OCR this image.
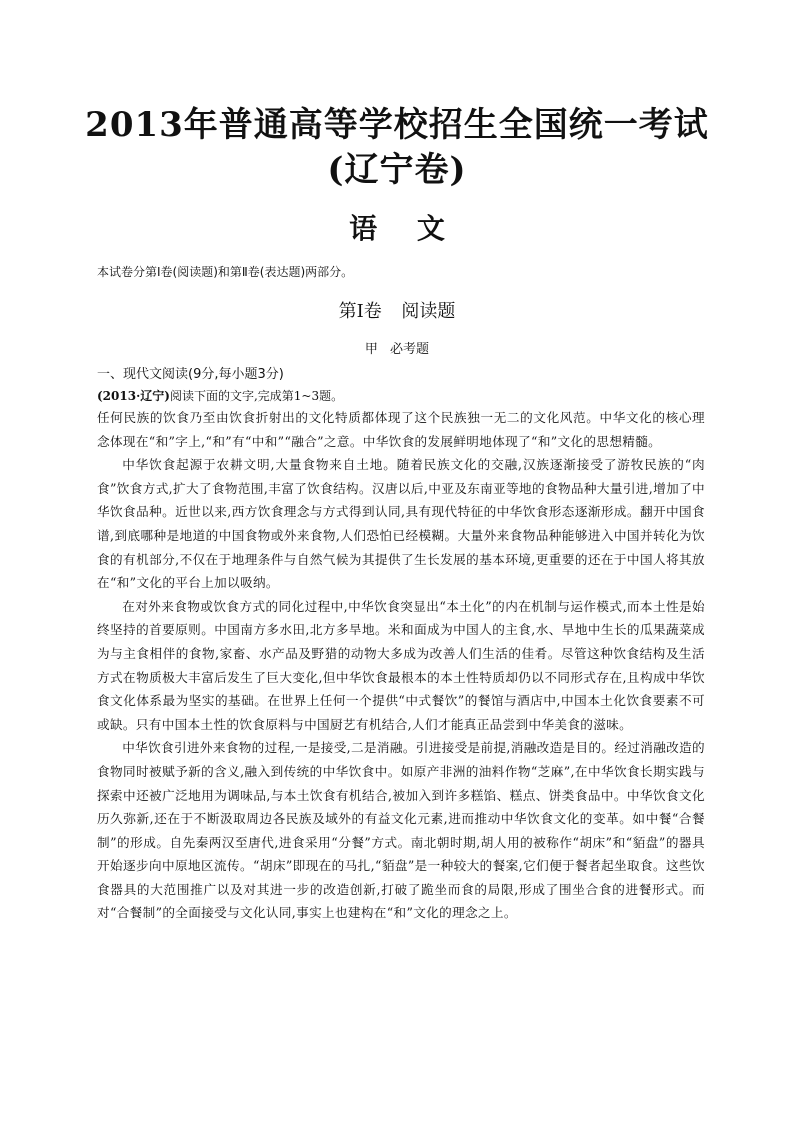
2013年普通高等学校招生全国统一考试
(辽宁卷)
语 文
本试卷分第Ⅰ卷(阅读题)和第Ⅱ卷(表达题)两部分。
第Ⅰ卷 阅读题
甲 必考题
一、现代文阅读(9分,每小题3分)
(2013·辽宁)阅读下面的文字,完成第1~3题。

任何民族的饮食乃至由饮食折射出的文化特质都体现了这个民族独一无二的文化风范。中华文化的核心理念体现在“和”字上,“和”有“中和”“融合”之意。中华饮食的发展鲜明地体现了“和”文化的思想精髓。

中华饮食起源于农耕文明,大量食物来自土地。随着民族文化的交融,汉族逐渐接受了游牧民族的“肉食”饮食方式,扩大了食物范围,丰富了饮食结构。汉唐以后,中亚及东南亚等地的食物品种大量引进,增加了中华饮食品种。近世以来,西方饮食理念与方式得到认同,具有现代特征的中华饮食形态逐渐形成。翻开中国食谱,到底哪种是地道的中国食物或外来食物,人们恐怕已经模糊。大量外来食物品种能够进入中国并转化为饮食的有机部分,不仅在于地理条件与自然气候为其提供了生长发展的基本环境,更重要的还在于中国人将其放在“和”文化的平台上加以吸纳。

在对外来食物或饮食方式的同化过程中,中华饮食突显出“本土化”的内在机制与运作模式,而本土性是始终坚持的首要原则。中国南方多水田,北方多旱地。米和面成为中国人的主食,水、旱地中生长的瓜果蔬菜成为与主食相伴的食物,家畜、水产品及野猎的动物大多成为改善人们生活的佳肴。尽管这种饮食结构及生活方式在物质极大丰富后发生了巨大变化,但中华饮食最根本的本土性特质却仍以不同形式存在,且构成中华饮食文化体系最为坚实的基础。在世界上任何一个提供“中式餐饮”的餐馆与酒店中,中国本土化饮食要素不可或缺。只有中国本土性的饮食原料与中国厨艺有机结合,人们才能真正品尝到中华美食的滋味。

中华饮食引进外来食物的过程,一是接受,二是消融。引进接受是前提,消融改造是目的。经过消融改造的食物同时被赋予新的含义,融入到传统的中华饮食中。如原产非洲的油料作物“芝麻”,在中华饮食长期实践与探索中还被广泛地用为调味品,与本土饮食有机结合,被加入到许多糕馅、糕点、饼类食品中。中华饮食文化历久弥新,还在于不断汲取周边各民族及域外的有益文化元素,进而推动中华饮食文化的变革。如中餐“合餐制”的形成。自先秦两汉至唐代,进食采用“分餐”方式。南北朝时期,胡人用的被称作“胡床”和“貊盘”的器具开始逐步向中原地区流传。“胡床”即现在的马扎,“貊盘”是一种较大的餐案,它们便于餐者起坐取食。这些饮食器具的大范围推广以及对其进一步的改造创新,打破了跪坐而食的局限,形成了围坐合食的进餐形式。而对“合餐制”的全面接受与文化认同,事实上也建构在“和”文化的理念之上。
